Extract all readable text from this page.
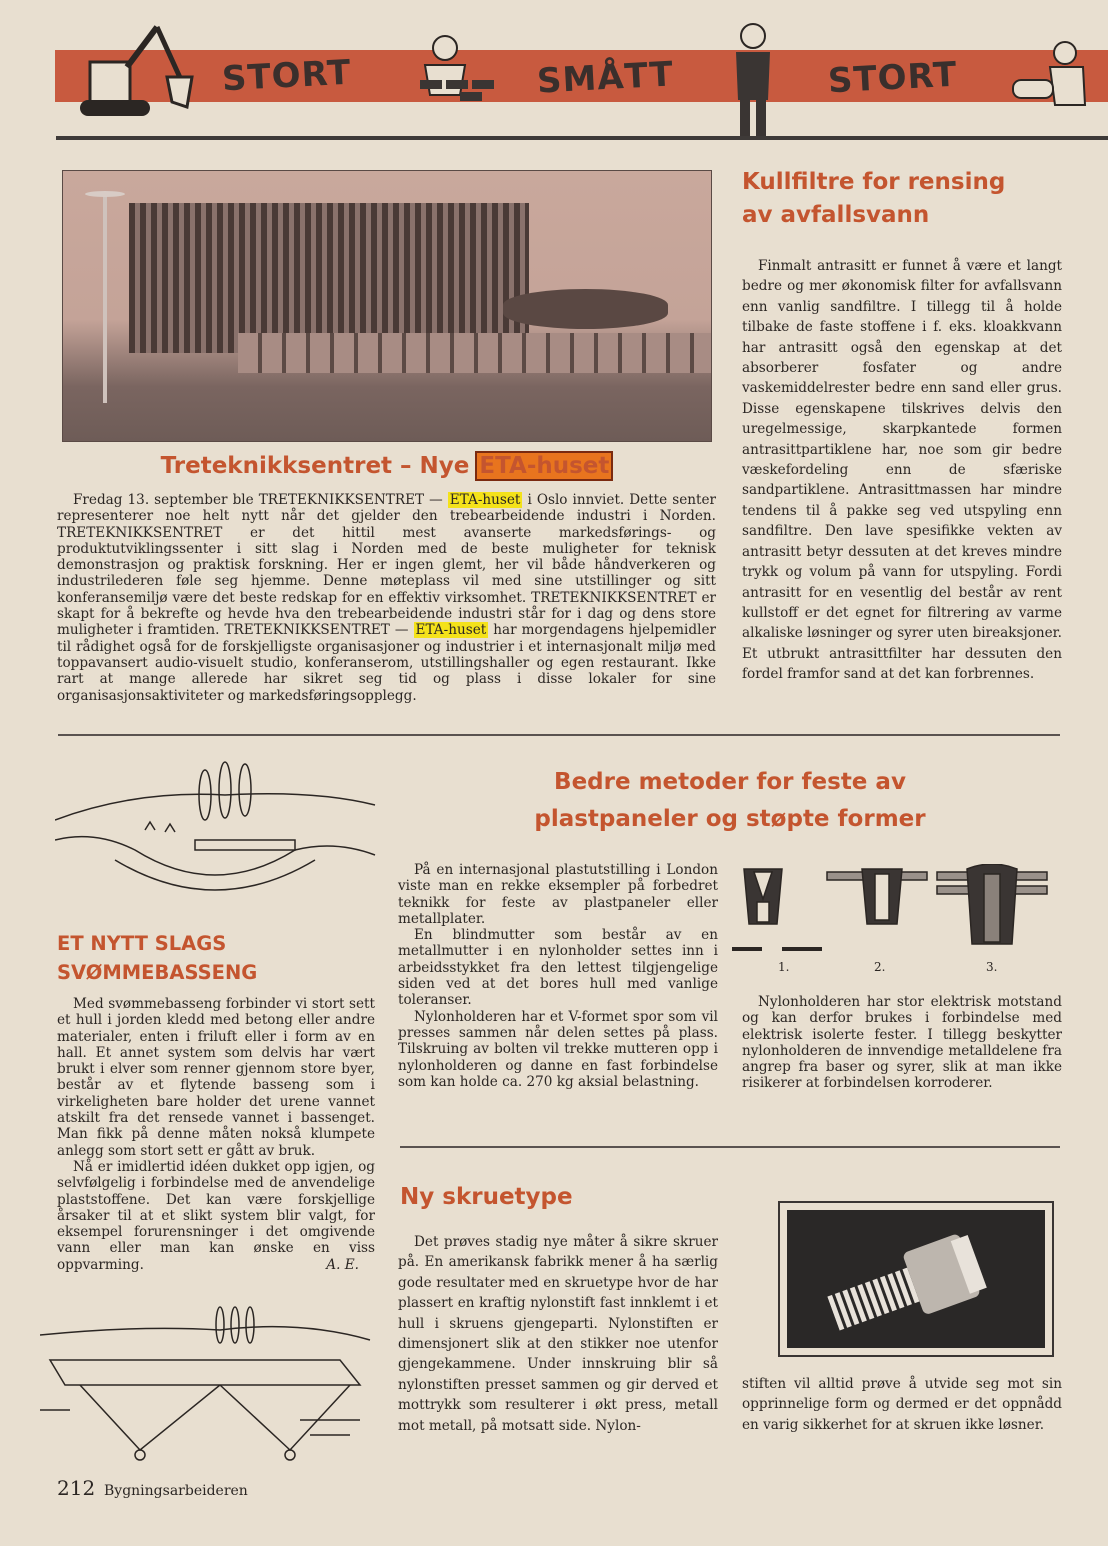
STORT	SMÅTT	STORT
Treteknikksentret – Nye ETA-huset

Fredag 13. september ble TRETEKNIKKSENTRET — ETA-huset i Oslo innviet. Dette senter representerer noe helt nytt når det gjelder den trebearbeidende industri i Norden. TRETEKNIKKSENTRET er det hittil mest avanserte markedsførings- og produktutviklingssenter i sitt slag i Norden med de beste muligheter for teknisk demonstrasjon og praktisk forskning. Her er ingen glemt, her vil både håndverkeren og industrilederen føle seg hjemme. Denne møteplass vil med sine utstillinger og sitt konferansemiljø være det beste redskap for en effektiv virksomhet. TRETEKNIKKSENTRET er skapt for å bekrefte og hevde hva den trebearbeidende industri står for i dag og dens store muligheter i framtiden. TRETEKNIKKSENTRET — ETA-huset har morgendagens hjelpemidler til rådighet også for de forskjelligste organisasjoner og industrier i et internasjonalt miljø med toppavansert audio-visuelt studio, konferanserom, utstillingshaller og egen restaurant. Ikke rart at mange allerede har sikret seg tid og plass i disse lokaler for sine organisasjonsaktiviteter og markedsføringsopplegg.

Kullfiltre for rensing
av avfallsvann

Finmalt antrasitt er funnet å være et langt bedre og mer økonomisk filter for avfallsvann enn vanlig sandfiltre. I tillegg til å holde tilbake de faste stoffene i f. eks. kloakkvann har antrasitt også den egenskap at det absorberer fosfater og andre vaskemiddelrester bedre enn sand eller grus. Disse egenskapene tilskrives delvis den uregelmessige, skarpkantede formen antrasittpartiklene har, noe som gir bedre væskefordeling enn de sfæriske sandpartiklene. Antrasittmassen har mindre tendens til å pakke seg ved utspyling enn sandfiltre. Den lave spesifikke vekten av antrasitt betyr dessuten at det kreves mindre trykk og volum på vann for utspyling. Fordi antrasitt for en vesentlig del består av rent kullstoff er det egnet for filtrering av varme alkaliske løsninger og syrer uten bireaksjoner. Et utbrukt antrasittfilter har dessuten den fordel framfor sand at det kan forbrennes.

ET NYTT SLAGS
SVØMMEBASSENG

Med svømmebasseng forbinder vi stort sett et hull i jorden kledd med betong eller andre materialer, enten i friluft eller i form av en hall. Et annet system som delvis har vært brukt i elver som renner gjennom store byer, består av et flytende basseng som i virkeligheten bare holder det urene vannet atskilt fra det rensede vannet i bassenget. Man fikk på denne måten nokså klumpete anlegg som stort sett er gått av bruk.

Nå er imidlertid idéen dukket opp igjen, og selvfølgelig i forbindelse med de anvendelige plaststoffene. Det kan være forskjellige årsaker til at et slikt system blir valgt, for eksempel forurensninger i det omgivende vann eller man kan ønske en viss oppvarming.	A. E.
Bedre metoder for feste av
plastpaneler og støpte former

På en internasjonal plastutstilling i London viste man en rekke eksempler på forbedret teknikk for feste av plastpaneler eller metallplater.

En blindmutter som består av en metallmutter i en nylonholder settes inn i arbeidsstykket fra den lettest tilgjengelige siden ved at det bores hull med vanlige toleranser.

Nylonholderen har et V-formet spor som vil presses sammen når delen settes på plass. Tilskruing av bolten vil trekke mutteren opp i nylonholderen og danne en fast forbindelse som kan holde ca. 270 kg aksial belastning.

1.	2.	3.

Nylonholderen har stor elektrisk motstand og kan derfor brukes i forbindelse med elektrisk isolerte fester. I tillegg beskytter nylonholderen de innvendige metalldelene fra angrep fra baser og syrer, slik at man ikke risikerer at forbindelsen korroderer.

Ny skruetype

Det prøves stadig nye måter å sikre skruer på. En amerikansk fabrikk mener å ha særlig gode resultater med en skruetype hvor de har plassert en kraftig nylonstift fast innklemt i et hull i skruens gjengeparti. Nylonstiften er dimensjonert slik at den stikker noe utenfor gjengekammene. Under innskruing blir så nylonstiften presset sammen og gir derved et mottrykk som resulterer i økt press, metall mot metall, på motsatt side. Nylon-

stiften vil alltid prøve å utvide seg mot sin opprinnelige form og dermed er det oppnådd en varig sikkerhet for at skruen ikke løsner.

212 Bygningsarbeideren
